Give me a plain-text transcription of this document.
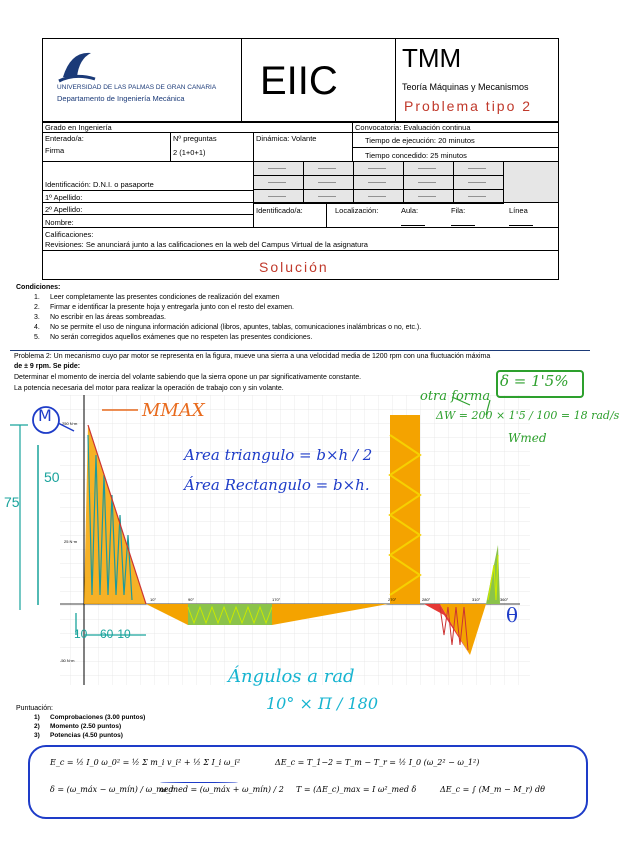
UNIVERSIDAD DE LAS PALMAS DE GRAN CANARIA
Departamento de Ingeniería Mecánica EIIC
TMM
Teoría Máquinas y Mecanismos
Problema tipo 2
Grado en Ingeniería	Convocatoria: Evaluación continua
Enterado/a:
Firma
Nº preguntas
2 (1+0+1)
Dinámica: Volante	Tiempo de ejecución: 20 minutos
Tiempo concedido: 25 minutos
---------	---------	---------	---------	---------
---------	---------	---------	---------	---------
---------	---------	---------	---------	---------
Identificación: D.N.I. o pasaporte
1º Apellido:
2º Apellido:
Nombre:
Identificado/a:	Localización:	Aula:	Fila:	Línea
Calificaciones:
Revisiones: Se anunciará junto a las calificaciones en la web del Campus Virtual de la asignatura
Solución
Condiciones:
1. Leer completamente las presentes condiciones de realización del examen
2. Firmar e identificar la presente hoja y entregarla junto con el resto del examen.
3. No escribir en las áreas sombreadas.
4. No se permite el uso de ninguna información adicional (libros, apuntes, tablas, comunicaciones inalámbricas o no, etc.).
5. No serán corregidos aquellos exámenes que no respeten las presentes condiciones.
Problema 2: Un mecanismo cuyo par motor se representa en la figura, mueve una sierra a una velocidad media de 1200 rpm con una fluctuación máxima
de ± 9 rpm. Se pide:
Determinar el momento de inercia del volante sabiendo que la sierra opone un par significativamente constante.
La potencia necesaria del motor para realizar la operación de trabajo con y sin volante.
250 N·m
25 N·m
-50 N·m
10°	90°	170°	270°	280°	310°	360°
M	MMAX
50
75
10 60-10
θ
Area triangulo = b×h / 2
Área Rectangulo = b×h.
Ángulos a rad
10° × Π / 180
otra forma
δ = 1'5%
ΔW = 200 × 1'5 / 100 = 18 rad/s
Wmed
Puntuación:
1) Comprobaciones (3.00 puntos)
2) Momento (2.50 puntos)
3) Potencias (4.50 puntos)
E_c = ½ I_0 ω_0² = ½ Σ m_i v_i² + ½ Σ I_i ω_i²	ΔE_c = T_1−2 = T_m − T_r = ½ I_0 (ω_2² − ω_1²)
δ = (ω_máx − ω_mín) / ω_med
ω_med = (ω_máx + ω_mín) / 2 T = (ΔE_c)_max = I ω²_med δ	ΔE_c = ∫ (M_m − M_r) dθ
